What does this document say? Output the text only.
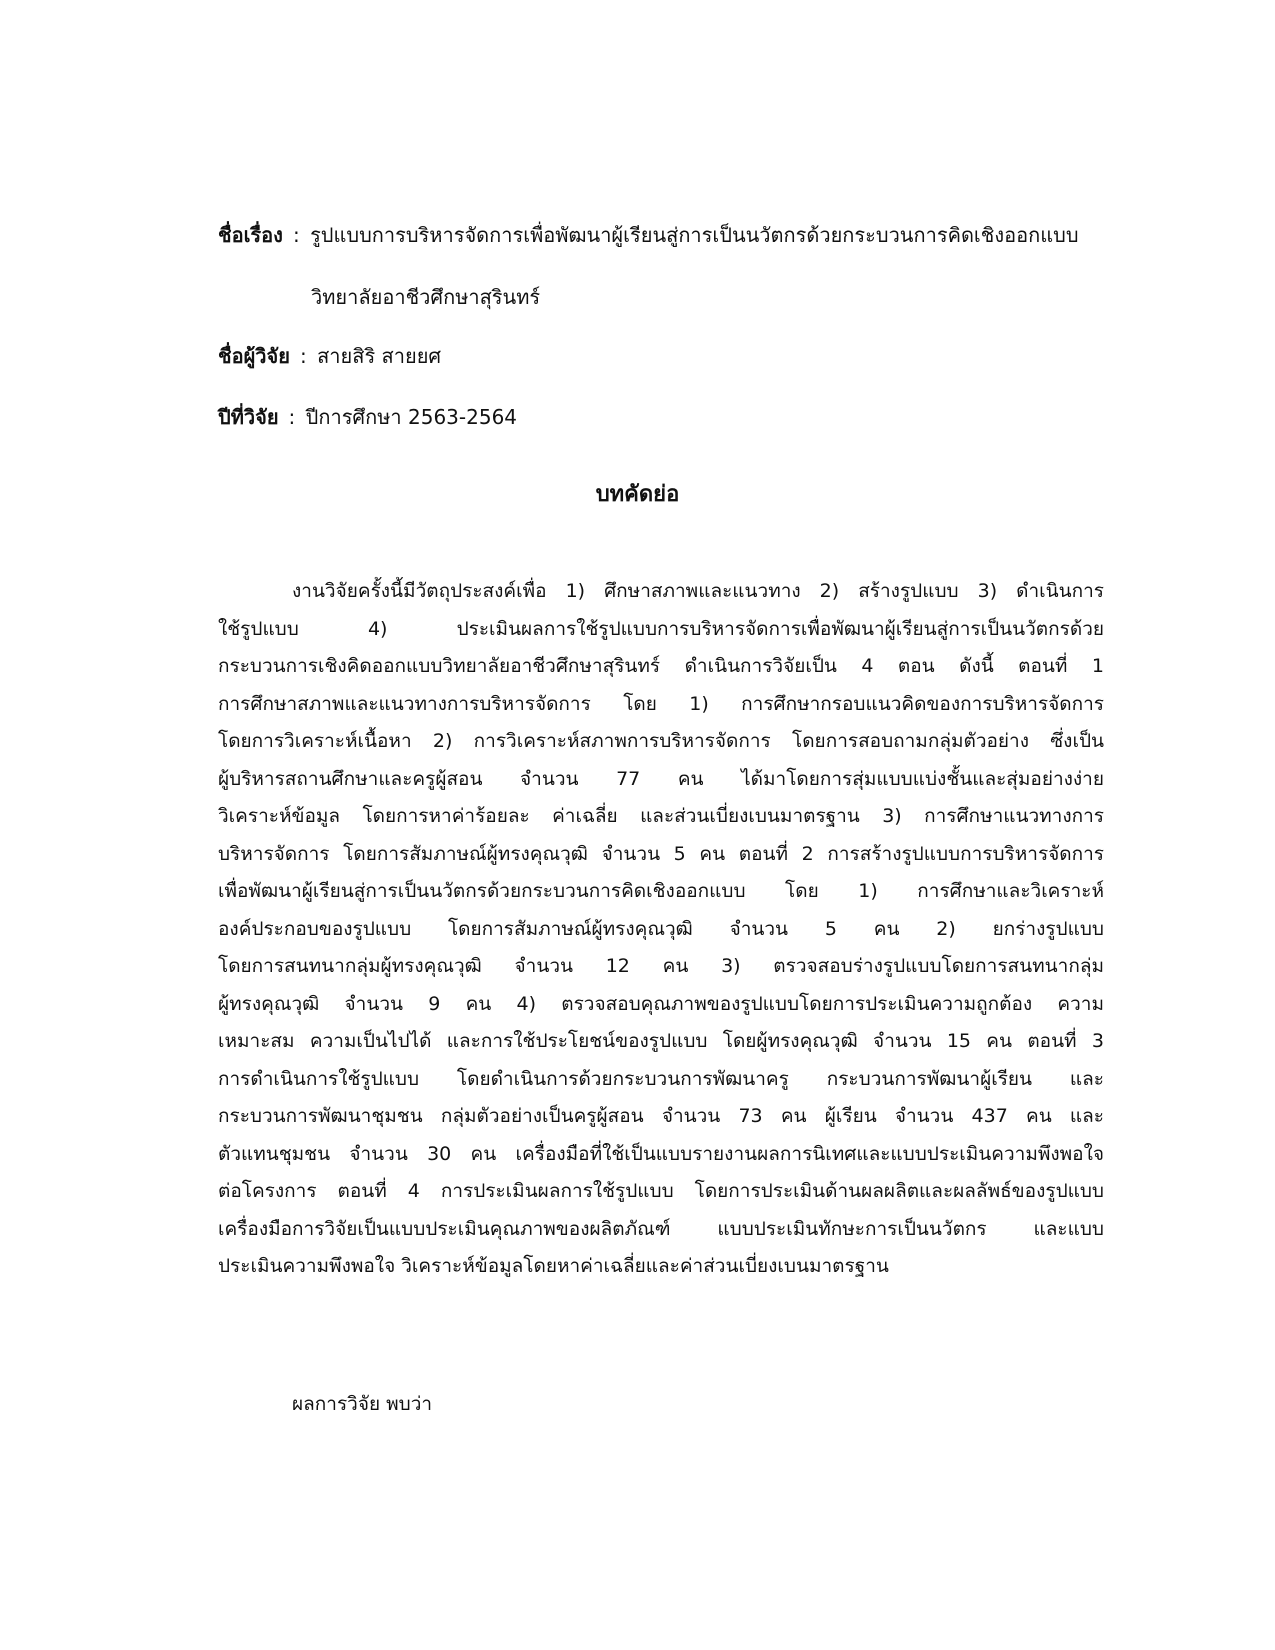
ชื่อเรื่อง : รูปแบบการบริหารจัดการเพื่อพัฒนาผู้เรียนสู่การเป็นนวัตกรด้วยกระบวนการคิดเชิงออกแบบ
วิทยาลัยอาชีวศึกษาสุรินทร์
ชื่อผู้วิจัย : สายสิริ สายยศ
ปีที่วิจัย : ปีการศึกษา 2563-2564
บทคัดย่อ
งานวิจัยครั้งนี้มีวัตถุประสงค์เพื่อ 1) ศึกษาสภาพและแนวทาง 2) สร้างรูปแบบ 3) ดำเนินการ
ใช้รูปแบบ 4) ประเมินผลการใช้รูปแบบการบริหารจัดการเพื่อพัฒนาผู้เรียนสู่การเป็นนวัตกรด้วย
กระบวนการเชิงคิดออกแบบวิทยาลัยอาชีวศึกษาสุรินทร์ ดำเนินการวิจัยเป็น 4 ตอน ดังนี้ ตอนที่ 1
การศึกษาสภาพและแนวทางการบริหารจัดการ โดย 1) การศึกษากรอบแนวคิดของการบริหารจัดการ
โดยการวิเคราะห์เนื้อหา 2) การวิเคราะห์สภาพการบริหารจัดการ โดยการสอบถามกลุ่มตัวอย่าง ซึ่งเป็น
ผู้บริหารสถานศึกษาและครูผู้สอน จำนวน 77 คน ได้มาโดยการสุ่มแบบแบ่งชั้นและสุ่มอย่างง่าย
วิเคราะห์ข้อมูล โดยการหาค่าร้อยละ ค่าเฉลี่ย และส่วนเบี่ยงเบนมาตรฐาน 3) การศึกษาแนวทางการ
บริหารจัดการ โดยการสัมภาษณ์ผู้ทรงคุณวุฒิ จำนวน 5 คน ตอนที่ 2 การสร้างรูปแบบการบริหารจัดการ
เพื่อพัฒนาผู้เรียนสู่การเป็นนวัตกรด้วยกระบวนการคิดเชิงออกแบบ โดย 1) การศึกษาและวิเคราะห์
องค์ประกอบของรูปแบบ โดยการสัมภาษณ์ผู้ทรงคุณวุฒิ จำนวน 5 คน 2) ยกร่างรูปแบบ
โดยการสนทนากลุ่มผู้ทรงคุณวุฒิ จำนวน 12 คน 3) ตรวจสอบร่างรูปแบบโดยการสนทนากลุ่ม
ผู้ทรงคุณวุฒิ จำนวน 9 คน 4) ตรวจสอบคุณภาพของรูปแบบโดยการประเมินความถูกต้อง ความ
เหมาะสม ความเป็นไปได้ และการใช้ประโยชน์ของรูปแบบ โดยผู้ทรงคุณวุฒิ จำนวน 15 คน ตอนที่ 3
การดำเนินการใช้รูปแบบ โดยดำเนินการด้วยกระบวนการพัฒนาครู กระบวนการพัฒนาผู้เรียน และ
กระบวนการพัฒนาชุมชน กลุ่มตัวอย่างเป็นครูผู้สอน จำนวน 73 คน ผู้เรียน จำนวน 437 คน และ
ตัวแทนชุมชน จำนวน 30 คน เครื่องมือที่ใช้เป็นแบบรายงานผลการนิเทศและแบบประเมินความพึงพอใจ
ต่อโครงการ ตอนที่ 4 การประเมินผลการใช้รูปแบบ โดยการประเมินด้านผลผลิตและผลลัพธ์ของรูปแบบ
เครื่องมือการวิจัยเป็นแบบประเมินคุณภาพของผลิตภัณฑ์ แบบประเมินทักษะการเป็นนวัตกร และแบบ
ประเมินความพึงพอใจ วิเคราะห์ข้อมูลโดยหาค่าเฉลี่ยและค่าส่วนเบี่ยงเบนมาตรฐาน
ผลการวิจัย พบว่า
